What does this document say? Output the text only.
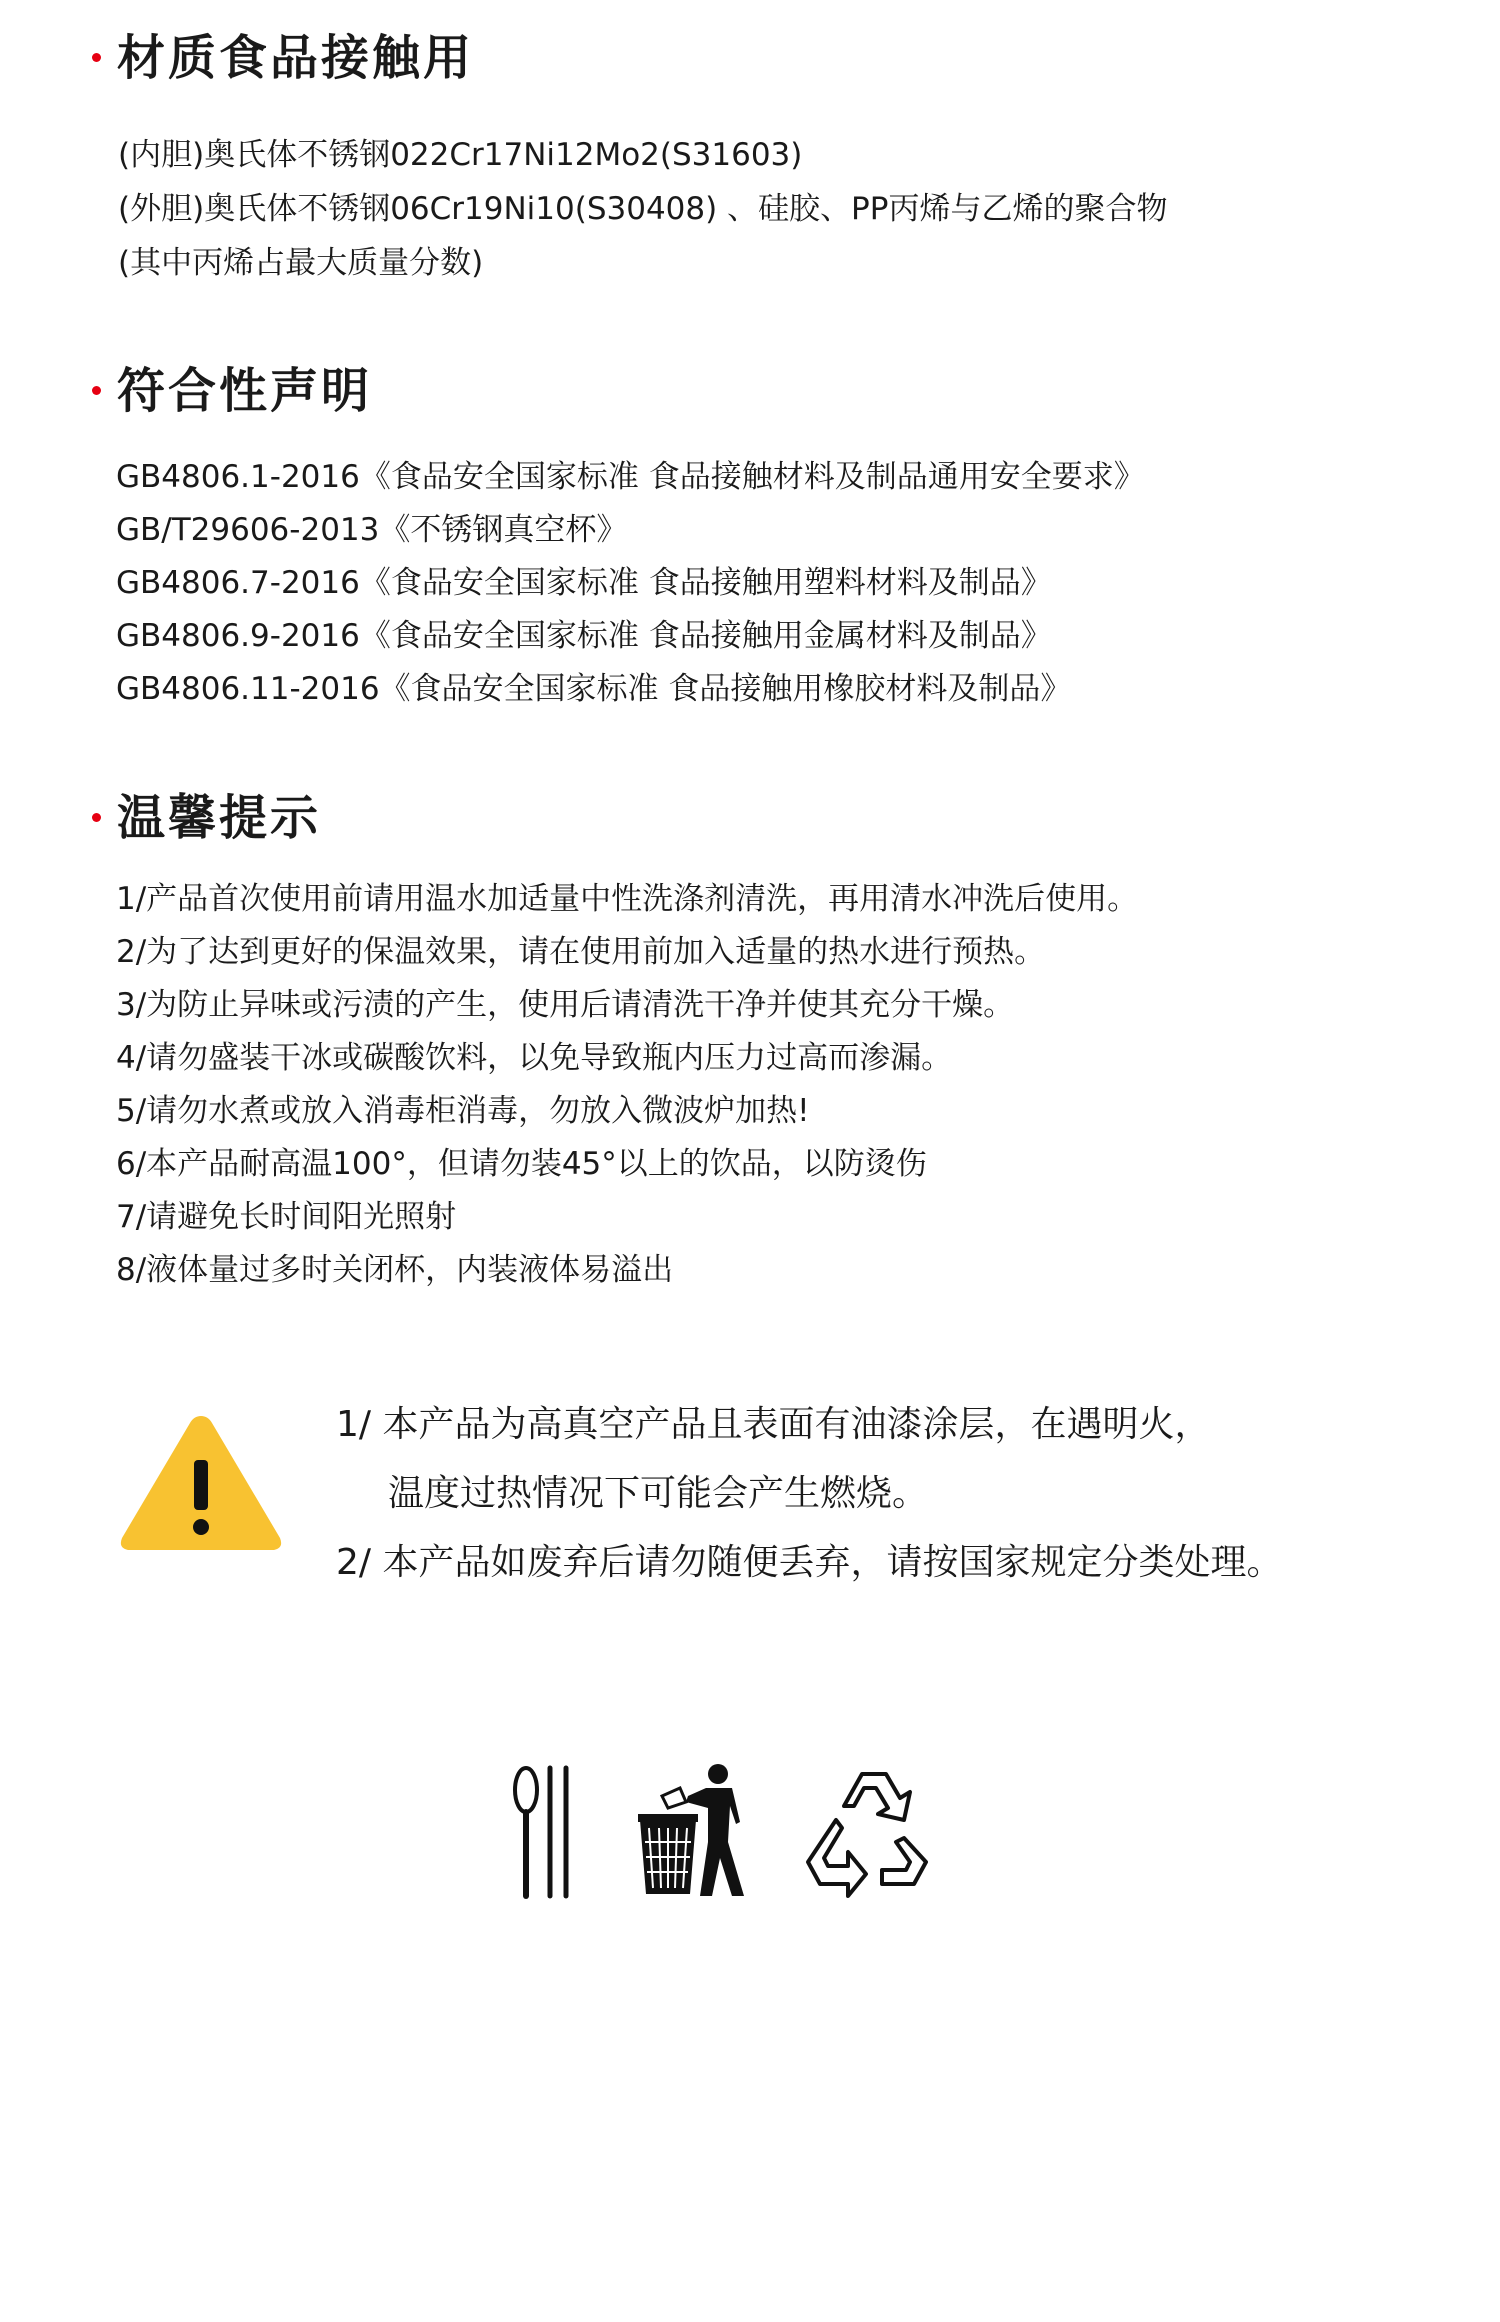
材质食品接触用
(内胆)奥氏体不锈钢022Cr17Ni12Mo2(S31603)
(外胆)奥氏体不锈钢06Cr19Ni10(S30408) 、硅胶、PP丙烯与乙烯的聚合物
(其中丙烯占最大质量分数)
符合性声明
GB4806.1-2016《食品安全国家标准 食品接触材料及制品通用安全要求》
GB/T29606-2013《不锈钢真空杯》
GB4806.7-2016《食品安全国家标准 食品接触用塑料材料及制品》
GB4806.9-2016《食品安全国家标准 食品接触用金属材料及制品》
GB4806.11-2016《食品安全国家标准 食品接触用橡胶材料及制品》
温馨提示
1/产品首次使用前请用温水加适量中性洗涤剂清洗，再用清水冲洗后使用。
2/为了达到更好的保温效果，请在使用前加入适量的热水进行预热。
3/为防止异味或污渍的产生，使用后请清洗干净并使其充分干燥。
4/请勿盛装干冰或碳酸饮料，以免导致瓶内压力过高而渗漏。
5/请勿水煮或放入消毒柜消毒，勿放入微波炉加热!
6/本产品耐高温100°，但请勿装45°以上的饮品，以防烫伤
7/请避免长时间阳光照射
8/液体量过多时关闭杯，内装液体易溢出
1/ 本产品为高真空产品且表面有油漆涂层，在遇明火，
温度过热情况下可能会产生燃烧。
2/ 本产品如废弃后请勿随便丢弃，请按国家规定分类处理。
